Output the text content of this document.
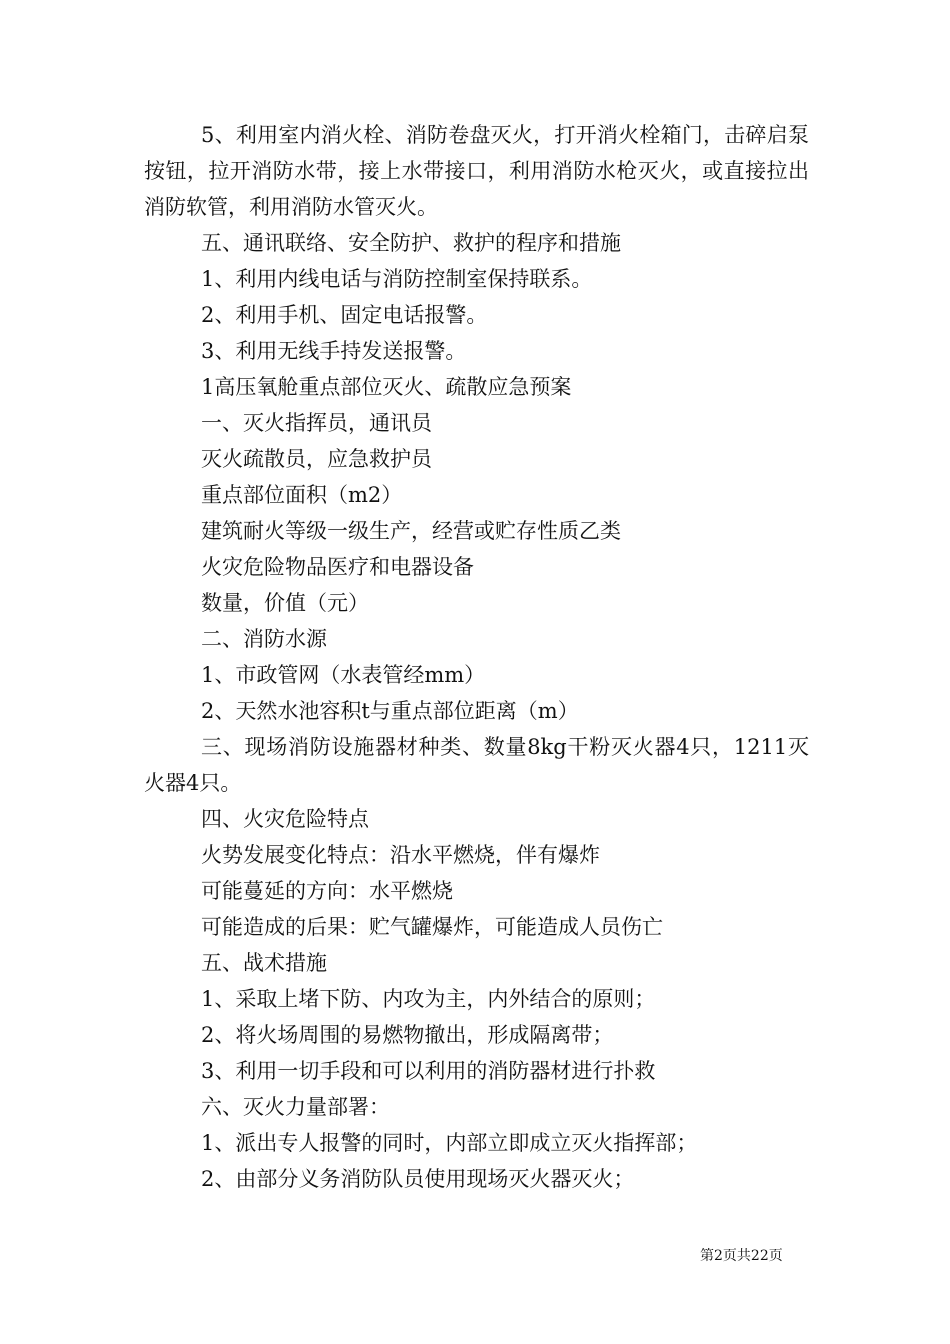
5、利用室内消火栓、消防卷盘灭火，打开消火栓箱门，击碎启泵按钮，拉开消防水带，接上水带接口，利用消防水枪灭火，或直接拉出消防软管，利用消防水管灭火。

五、通讯联络、安全防护、救护的程序和措施

1、利用内线电话与消防控制室保持联系。

2、利用手机、固定电话报警。

3、利用无线手持发送报警。

1高压氧舱重点部位灭火、疏散应急预案

一、灭火指挥员，通讯员

灭火疏散员，应急救护员

重点部位面积（m2）

建筑耐火等级一级生产，经营或贮存性质乙类

火灾危险物品医疗和电器设备

数量，价值（元）

二、消防水源

1、市政管网（水表管经mm）

2、天然水池容积t与重点部位距离（m）

三、现场消防设施器材种类、数量8kg干粉灭火器4只，1211灭火器4只。

四、火灾危险特点

火势发展变化特点：沿水平燃烧，伴有爆炸

可能蔓延的方向：水平燃烧

可能造成的后果：贮气罐爆炸，可能造成人员伤亡

五、战术措施

1、采取上堵下防、内攻为主，内外结合的原则；

2、将火场周围的易燃物撤出，形成隔离带；

3、利用一切手段和可以利用的消防器材进行扑救

六、灭火力量部署：

1、派出专人报警的同时，内部立即成立灭火指挥部；

2、由部分义务消防队员使用现场灭火器灭火；

第2页共22页
